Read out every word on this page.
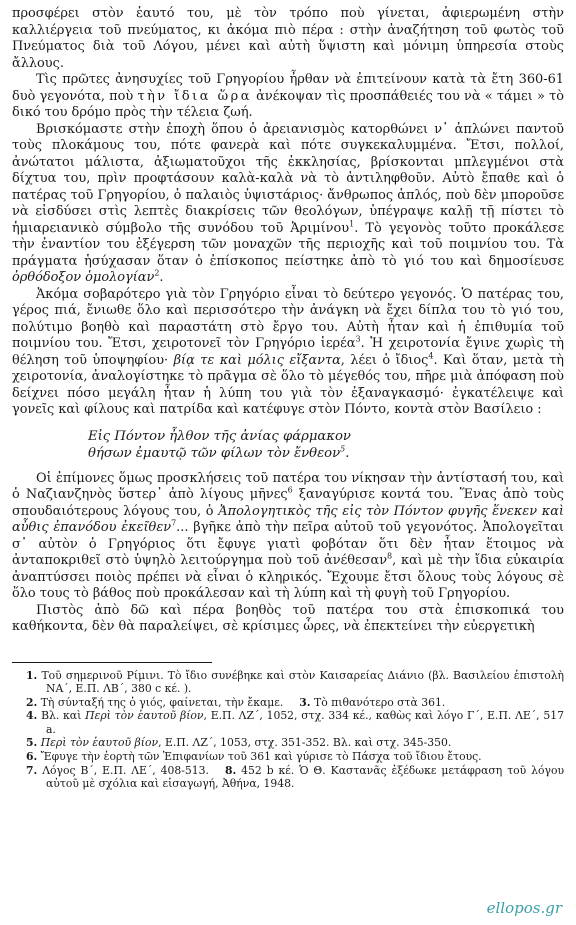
προσφέρει στὸν ἑαυτό του, μὲ τὸν τρόπο ποὺ γίνεται, ἀφιερωμένη στὴν καλλιέργεια τοῦ πνεύματος, κι ἀκόμα πιὸ πέρα : στὴν ἀναζήτηση τοῦ φωτὸς τοῦ Πνεύματος διὰ τοῦ Λόγου, μένει καὶ αὐτὴ ὕψιστη καὶ μόνιμη ὑπηρεσία στοὺς ἄλλους.

Τὶς πρῶτες ἀνησυχίες τοῦ Γρηγορίου ἦρθαν νὰ ἐπιτείνουν κατὰ τὰ ἔτη 360-61 δυὸ γεγονότα, ποὺ τὴν ἴδια ὥρα ἀνέκοψαν τὶς προσπάθειές του νὰ « τάμει » τὸ δικό του δρόμο πρὸς τὴν τέλεια ζωή.

Βρισκόμαστε στὴν ἐποχὴ ὅπου ὁ ἀρειανισμὸς κατορθώνει ν᾽ ἁπλώνει παντοῦ τοὺς πλοκάμους του, πότε φανερὰ καὶ πότε συγκεκαλυμμένα. Ἔτσι, πολλοί, ἀνώτατοι μάλιστα, ἀξιωματοῦχοι τῆς ἐκκλησίας, βρίσκονται μπλεγμένοι στὰ δίχτυα του, πρὶν προφτάσουν καλὰ-καλὰ νὰ τὸ ἀντιληφθοῦν. Αὐτὸ ἔπαθε καὶ ὁ πατέρας τοῦ Γρηγορίου, ὁ παλαιὸς ὑψιστάριος· ἄνθρωπος ἁπλός, ποὺ δὲν μποροῦσε νὰ εἰσδύσει στὶς λεπτὲς διακρίσεις τῶν θεολόγων, ὑπέγραψε καλῇ τῇ πίστει τὸ ἡμιαρειανικὸ σύμβολο τῆς συνόδου τοῦ Ἀριμίνου$^1$. Τὸ γεγονὸς τοῦτο προκάλεσε τὴν ἐναντίον του ἐξέγερση τῶν μοναχῶν τῆς περιοχῆς καὶ τοῦ ποιμνίου του. Τὰ πράγματα ἡσύχασαν ὅταν ὁ ἐπίσκοπος πείστηκε ἀπὸ τὸ γιό του καὶ δημοσίευσε ὀρθόδοξον ὁμολογίαν$^2$.

Ἀκόμα σοβαρότερο γιὰ τὸν Γρηγόριο εἶναι τὸ δεύτερο γεγονός. Ὁ πατέρας του, γέρος πιά, ἔνιωθε ὅλο καὶ περισσότερο τὴν ἀνάγκη νὰ ἔχει δίπλα του τὸ γιό του, πολύτιμο βοηθὸ καὶ παραστάτη στὸ ἔργο του. Αὐτὴ ἦταν καὶ ἡ ἐπιθυμία τοῦ ποιμνίου του. Ἔτσι, χειροτονεῖ τὸν Γρηγόριο ἱερέα$^3$. Ἡ χειροτονία ἔγινε χωρὶς τὴ θέληση τοῦ ὑποψηφίου· βίᾳ τε καὶ μόλις εἴξαντα, λέει ὁ ἴδιος$^4$. Καὶ ὅταν, μετὰ τὴ χειροτονία, ἀναλογίστηκε τὸ πρᾶγμα σὲ ὅλο τὸ μέγεθός του, πῆρε μιὰ ἀπόφαση ποὺ δείχνει πόσο μεγάλη ἦταν ἡ λύπη του γιὰ τὸν ἐξαναγκασμό· ἐγκατέλειψε καὶ γονεῖς καὶ φίλους καὶ πατρίδα καὶ κατέφυγε στὸν Πόντο, κοντὰ στὸν Βασίλειο :

Εἰς Πόντον ἦλθον τῆς ἀνίας φάρμακον
θήσων ἐμαυτῷ τῶν φίλων τὸν ἔνθεον$^5$.

Οἱ ἐπίμονες ὅμως προσκλήσεις τοῦ πατέρα του νίκησαν τὴν ἀντίστασή του, καὶ ὁ Ναζιανζηνὸς ὕστερ᾽ ἀπὸ λίγους μῆνες$^6$ ξαναγύρισε κοντά του. Ἕνας ἀπὸ τοὺς σπουδαιότερους λόγους του, ὁ Ἀπολογητικὸς τῆς εἰς τὸν Πόντον φυγῆς ἕνεκεν καὶ αὖθις ἐπανόδου ἐκεῖθεν$^7$... βγῆκε ἀπὸ τὴν πεῖρα αὐτοῦ τοῦ γεγονότος. Ἀπολογεῖται σ᾽ αὐτὸν ὁ Γρηγόριος ὅτι ἔφυγε γιατὶ φοβόταν ὅτι δὲν ἦταν ἕτοιμος νὰ ἀνταποκριθεῖ στὸ ὑψηλὸ λειτούργημα ποὺ τοῦ ἀνέθεσαν$^8$, καὶ μὲ τὴν ἴδια εὐκαιρία ἀναπτύσσει ποιὸς πρέπει νὰ εἶναι ὁ κληρικός. Ἔχουμε ἔτσι ὅλους τοὺς λόγους σὲ ὅλο τους τὸ βάθος ποὺ προκάλεσαν καὶ τὴ λύπη καὶ τὴ φυγὴ τοῦ Γρηγορίου.

Πιστὸς ἀπὸ δῶ καὶ πέρα βοηθὸς τοῦ πατέρα του στὰ ἐπισκοπικά του καθήκοντα, δὲν θὰ παραλείψει, σὲ κρίσιμες ὧρες, νὰ ἐπεκτείνει τὴν εὐεργετικὴ

1. Τοῦ σημερινοῦ Ρίμινι. Τὸ ἴδιο συνέβηκε καὶ στὸν Καισαρείας Διάνιο (βλ. Βασιλείου ἐπιστολὴ ΝΑ΄, Ε.Π. ΛΒ΄, 380 c κέ. ).

2. Τὴ σύνταξή της ὁ γιός, φαίνεται, τὴν ἔκαμε. 3. Τὸ πιθανότερο στὰ 361.

4. Βλ. καὶ Περὶ τὸν ἑαυτοῦ βίον, Ε.Π. ΛΖ΄, 1052, στχ. 334 κέ., καθὼς καὶ λόγο Γ΄, Ε.Π. ΛΕ΄, 517 a.

5. Περὶ τὸν ἑαυτοῦ βίον, Ε.Π. ΛΖ΄, 1053, στχ. 351-352. Βλ. καὶ στχ. 345-350.

6. Ἔφυγε τὴν ἑορτὴ τῶν Ἐπιφανίων τοῦ 361 καὶ γύρισε τὸ Πάσχα τοῦ ἴδιου ἔτους.

7. Λόγος Β΄, Ε.Π. ΛΕ΄, 408-513. 8. 452 b κέ. Ὁ Θ. Καστανᾶς ἐξέδωκε μετάφραση τοῦ λόγου αὐτοῦ μὲ σχόλια καὶ εἰσαγωγή, Ἀθήνα, 1948.

ellopos.gr
